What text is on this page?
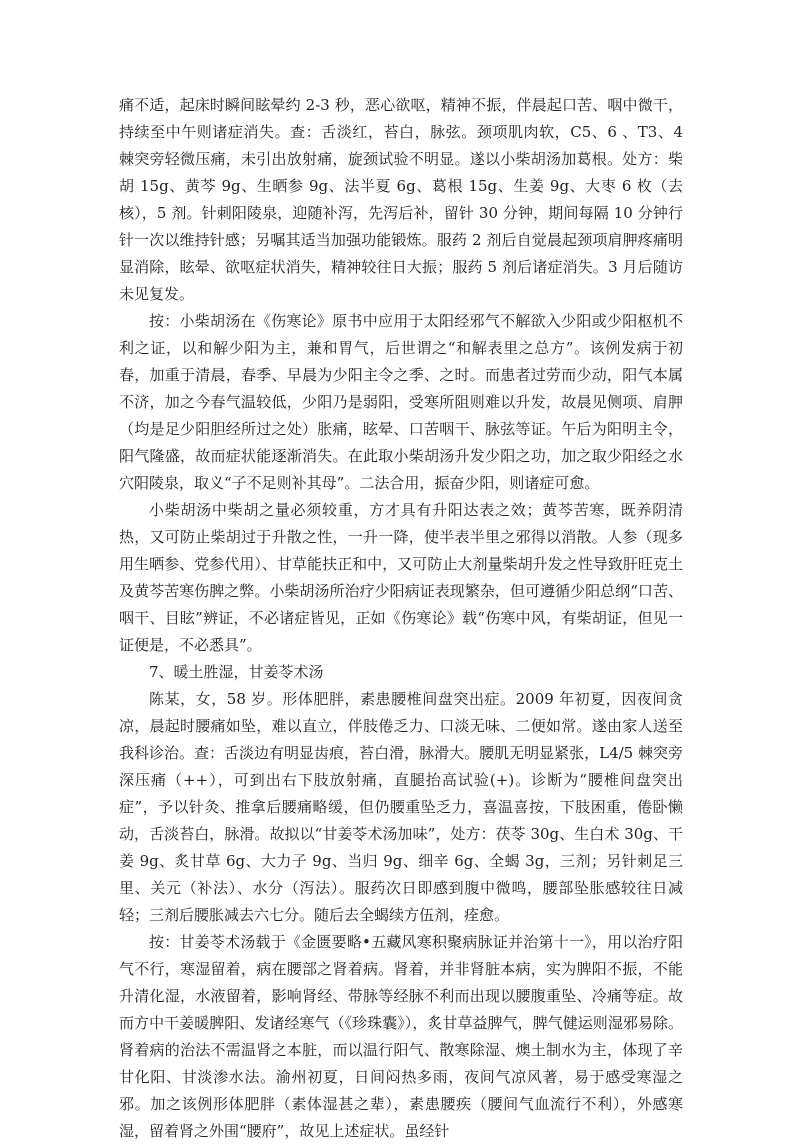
痛不适，起床时瞬间眩晕约 2-3 秒，恶心欲呕，精神不振，伴晨起口苦、咽中微干，持续至中午则诸症消失。查：舌淡红，苔白，脉弦。颈项肌肉软，C5、6 、T3、4 棘突旁轻微压痛，未引出放射痛，旋颈试验不明显。遂以小柴胡汤加葛根。处方：柴胡 15g、黄芩 9g、生晒参 9g、法半夏 6g、葛根 15g、生姜 9g、大枣 6 枚（去核），5 剂。针刺阳陵泉，迎随补泻，先泻后补，留针 30 分钟，期间每隔 10 分钟行针一次以维持针感；另嘱其适当加强功能锻炼。服药 2 剂后自觉晨起颈项肩胛疼痛明显消除，眩晕、欲呕症状消失，精神较往日大振；服药 5 剂后诸症消失。3 月后随访未见复发。

按：小柴胡汤在《伤寒论》原书中应用于太阳经邪气不解欲入少阳或少阳枢机不利之证，以和解少阳为主，兼和胃气，后世谓之“和解表里之总方”。该例发病于初春，加重于清晨，春季、早晨为少阳主令之季、之时。而患者过劳而少动，阳气本属不济，加之今春气温较低，少阳乃是弱阳，受寒所阻则难以升发，故晨见侧项、肩胛（均是足少阳胆经所过之处）胀痛，眩晕、口苦咽干、脉弦等证。午后为阳明主令，阳气隆盛，故而症状能逐渐消失。在此取小柴胡汤升发少阳之功，加之取少阳经之水穴阳陵泉，取义“子不足则补其母”。二法合用，振奋少阳，则诸症可愈。

小柴胡汤中柴胡之量必须较重，方才具有升阳达表之效；黄芩苦寒，既养阴清热，又可防止柴胡过于升散之性，一升一降，使半表半里之邪得以消散。人参（现多用生晒参、党参代用）、甘草能扶正和中，又可防止大剂量柴胡升发之性导致肝旺克土及黄芩苦寒伤脾之弊。小柴胡汤所治疗少阳病证表现繁杂，但可遵循少阳总纲“口苦、咽干、目眩”辨证，不必诸症皆见，正如《伤寒论》载“伤寒中风，有柴胡证，但见一证便是，不必悉具”。

7、暖土胜湿，甘姜苓术汤

陈某，女，58 岁。形体肥胖，素患腰椎间盘突出症。2009 年初夏，因夜间贪凉，晨起时腰痛如坠，难以直立，伴肢倦乏力、口淡无味、二便如常。遂由家人送至我科诊治。查：舌淡边有明显齿痕，苔白滑，脉滑大。腰肌无明显紧张，L4/5 棘突旁深压痛（++），可到出右下肢放射痛，直腿抬高试验(+)。诊断为“腰椎间盘突出症”，予以针灸、推拿后腰痛略缓，但仍腰重坠乏力，喜温喜按，下肢困重，倦卧懒动，舌淡苔白，脉滑。故拟以“甘姜苓术汤加味”，处方：茯苓 30g、生白术 30g、干姜 9g、炙甘草 6g、大力子 9g、当归 9g、细辛 6g、全蝎 3g，三剂；另针刺足三里、关元（补法）、水分（泻法）。服药次日即感到腹中微鸣，腰部坠胀感较往日减轻；三剂后腰胀减去六七分。随后去全蝎续方伍剂，痊愈。

按：甘姜苓术汤载于《金匮要略•五藏风寒积聚病脉证并治第十一》，用以治疗阳气不行，寒湿留着，病在腰部之肾着病。肾着，并非肾脏本病，实为脾阳不振，不能升清化湿，水液留着，影响肾经、带脉等经脉不利而出现以腰腹重坠、冷痛等症。故而方中干姜暖脾阳、发诸经寒气（《珍珠囊》），炙甘草益脾气，脾气健运则湿邪易除。肾着病的治法不需温肾之本脏，而以温行阳气、散寒除湿、燠土制水为主，体现了辛甘化阳、甘淡渗水法。渝州初夏，日间闷热多雨，夜间气凉风著，易于感受寒湿之邪。加之该例形体肥胖（素体湿甚之辈），素患腰疾（腰间气血流行不利），外感寒湿，留着肾之外围“腰府”，故见上述症状。虽经针
